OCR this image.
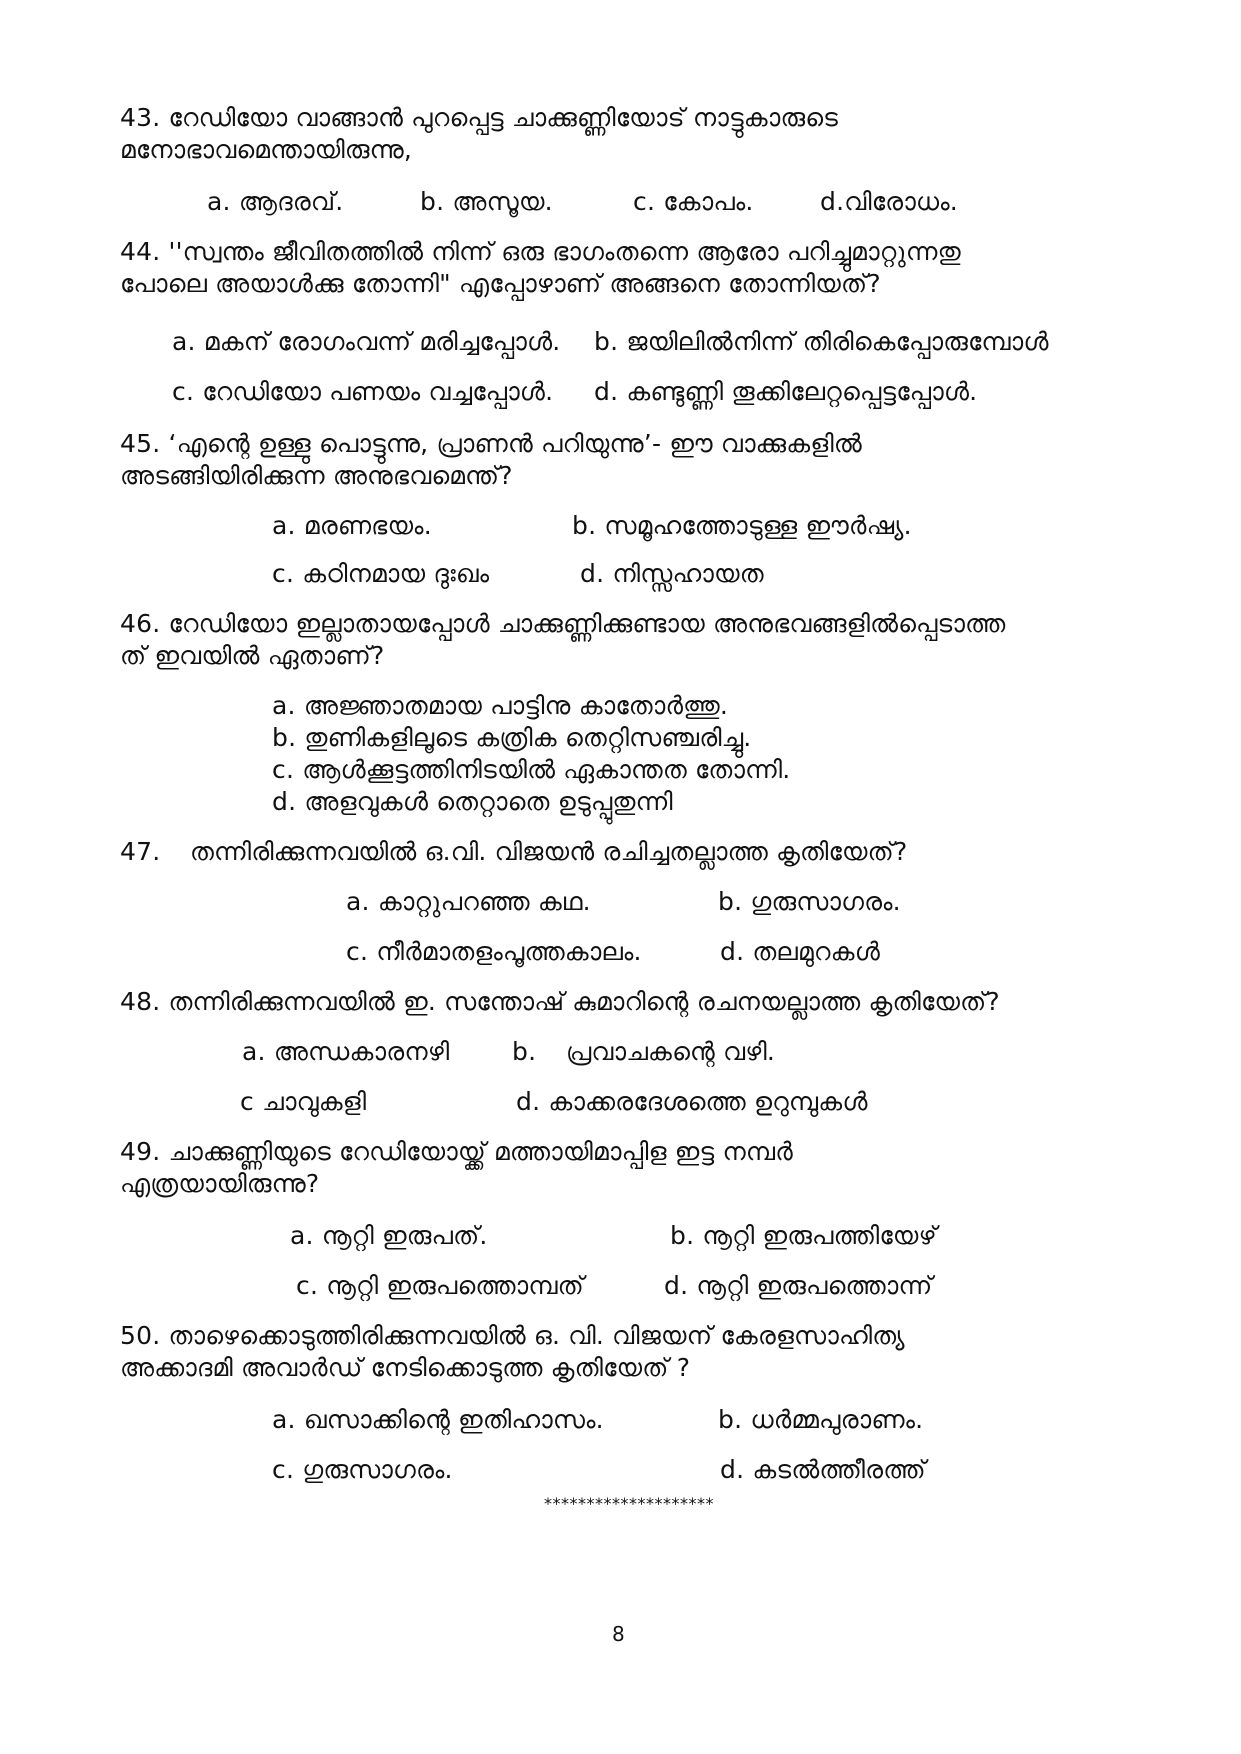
43. റേഡിയോ വാങ്ങാൻ പുറപ്പെട്ട ചാക്കുണ്ണിയോട് നാട്ടുകാരുടെ
മനോഭാവമെന്തായിരുന്നു,
a. ആദരവ്.	b. അസൂയ.	c. കോപം.	d.വിരോധം.
44. ''സ്വന്തം ജീവിതത്തിൽ നിന്ന് ഒരു ഭാഗംതന്നെ ആരോ പറിച്ചുമാറ്റുന്നതു
പോലെ അയാൾക്കു തോന്നി" എപ്പോഴാണ് അങ്ങനെ തോന്നിയത്?
a. മകന് രോഗംവന്ന് മരിച്ചപ്പോൾ. b. ജയിലിൽനിന്ന് തിരികെപ്പോരുമ്പോൾ
c. റേഡിയോ പണയം വച്ചപ്പോൾ. d. കണ്ടുണ്ണി തൂക്കിലേറ്റപ്പെട്ടപ്പോൾ.
45. ‘എന്റെ ഉള്ളു പൊട്ടുന്നു, പ്രാണൻ പറിയുന്നു’- ഈ വാക്കുകളിൽ
അടങ്ങിയിരിക്കുന്ന അനുഭവമെന്ത്?
a. മരണഭയം.	b. സമൂഹത്തോടുള്ള ഈർഷ്യ.
c. കഠിനമായ ദുഃഖം	d. നിസ്സഹായത
46. റേഡിയോ ഇല്ലാതായപ്പോൾ ചാക്കുണ്ണിക്കുണ്ടായ അനുഭവങ്ങളിൽപ്പെടാത്ത
ത് ഇവയിൽ ഏതാണ്?
a. അജ്ഞാതമായ പാട്ടിനു കാതോർത്തു.
b. തുണികളിലൂടെ കത്രിക തെറ്റിസഞ്ചരിച്ചു.
c. ആൾക്കൂട്ടത്തിനിടയിൽ ഏകാന്തത തോന്നി.
d. അളവുകൾ തെറ്റാതെ ഉടുപ്പുതുന്നി
47. തന്നിരിക്കുന്നവയിൽ ഒ.വി. വിജയൻ രചിച്ചതല്ലാത്ത കൃതിയേത്?
a. കാറ്റുപറഞ്ഞ കഥ.	b. ഗുരുസാഗരം.
c. നീർമാതളംപൂത്തകാലം.	d. തലമുറകൾ
48. തന്നിരിക്കുന്നവയിൽ ഇ. സന്തോഷ് കുമാറിന്റെ രചനയല്ലാത്ത കൃതിയേത്?
a. അന്ധകാരനഴി	b. പ്രവാചകന്റെ വഴി.
c ചാവുകളി	d. കാക്കരദേശത്തെ ഉറുമ്പുകൾ
49. ചാക്കുണ്ണിയുടെ റേഡിയോയ്ക്ക് മത്തായിമാപ്പിള ഇട്ട നമ്പർ
എത്രയായിരുന്നു?
a. നൂറ്റി ഇരുപത്.	b. നൂറ്റി ഇരുപത്തിയേഴ്
c. നൂറ്റി ഇരുപത്തൊമ്പത്	d. നൂറ്റി ഇരുപത്തൊന്ന്
50. താഴെക്കൊടുത്തിരിക്കുന്നവയിൽ ഒ. വി. വിജയന് കേരളസാഹിത്യ
അക്കാദമി അവാർഡ് നേടിക്കൊടുത്ത കൃതിയേത് ?
a. ഖസാക്കിന്റെ ഇതിഹാസം.	b. ധർമ്മപുരാണം.
c. ഗുരുസാഗരം.	d. കടൽത്തീരത്ത്
********************
8
